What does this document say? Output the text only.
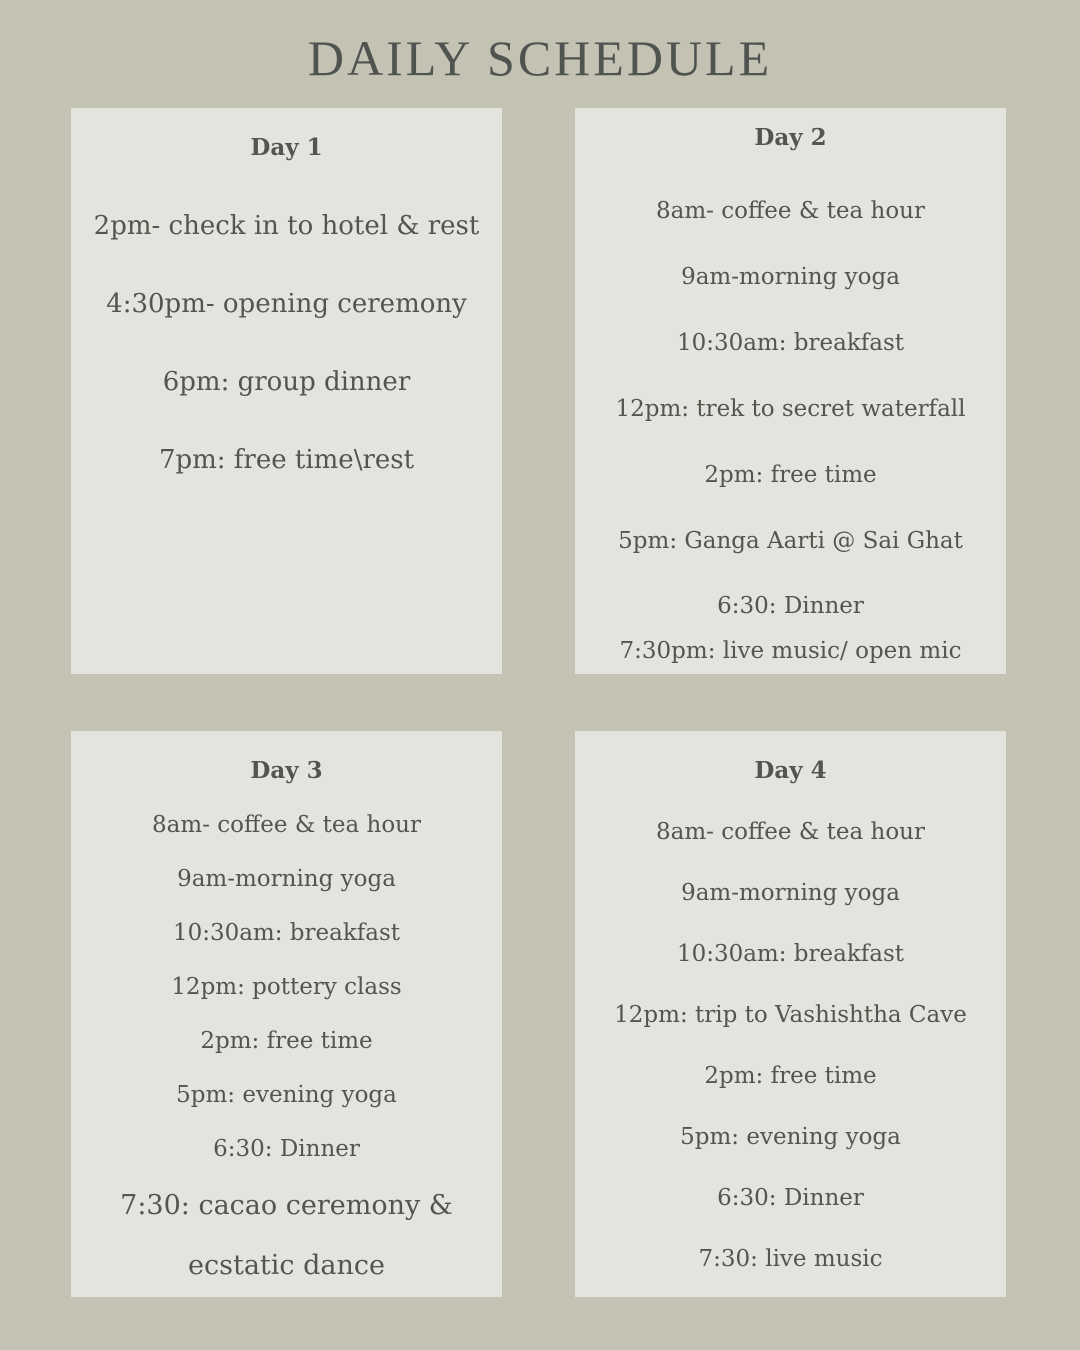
DAILY SCHEDULE
Day 1
2pm- check in to hotel & rest
4:30pm- opening ceremony
6pm: group dinner
7pm: free time\rest
Day 2
8am- coffee & tea hour
9am-morning yoga
10:30am: breakfast
12pm: trek to secret waterfall
2pm: free time
5pm: Ganga Aarti @ Sai Ghat
6:30: Dinner
7:30pm: live music/ open mic
Day 3
8am- coffee & tea hour
9am-morning yoga
10:30am: breakfast
12pm: pottery class
2pm: free time
5pm: evening yoga
6:30: Dinner
7:30: cacao ceremony &
ecstatic dance
Day 4
8am- coffee & tea hour
9am-morning yoga
10:30am: breakfast
12pm: trip to Vashishtha Cave
2pm: free time
5pm: evening yoga
6:30: Dinner
7:30: live music
